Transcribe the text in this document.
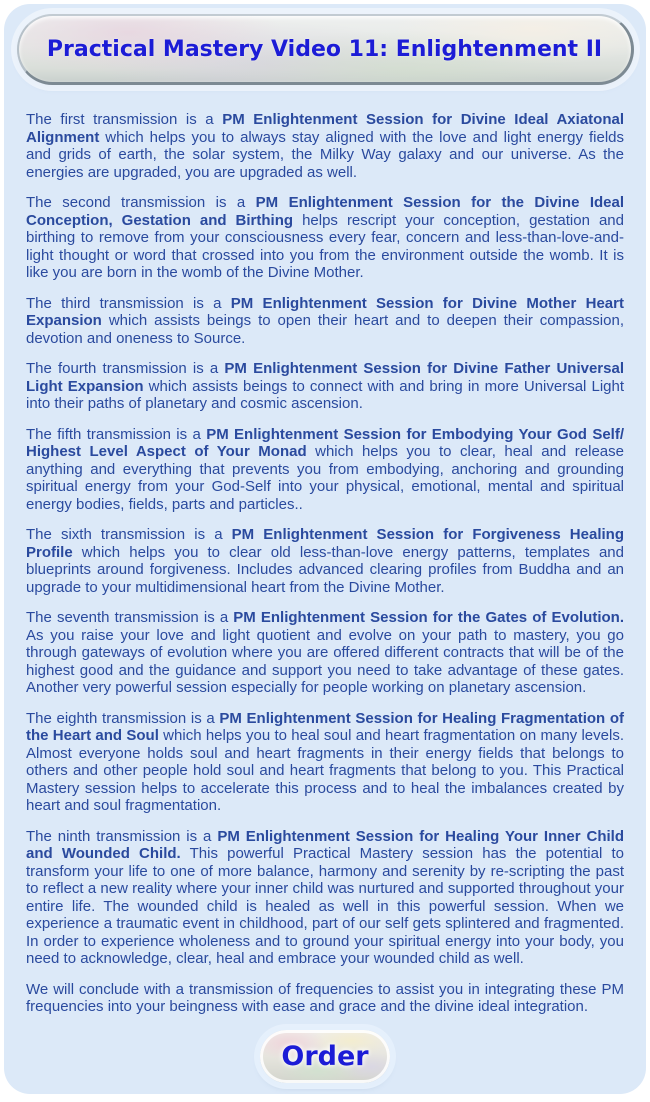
Practical Mastery Video 11: Enlightenment II

The first transmission is a PM Enlightenment Session for Divine Ideal Axiatonal Alignment which helps you to always stay aligned with the love and light energy fields and grids of earth, the solar system, the Milky Way galaxy and our universe. As the energies are upgraded, you are upgraded as well.

The second transmission is a PM Enlightenment Session for the Divine Ideal Conception, Gestation and Birthing helps rescript your conception, gestation and birthing to remove from your consciousness every fear, concern and less-than-love-and-light thought or word that crossed into you from the environment outside the womb. It is like you are born in the womb of the Divine Mother.

The third transmission is a PM Enlightenment Session for Divine Mother Heart Expansion which assists beings to open their heart and to deepen their compassion, devotion and oneness to Source.

The fourth transmission is a PM Enlightenment Session for Divine Father Universal Light Expansion which assists beings to connect with and bring in more Universal Light into their paths of planetary and cosmic ascension.

The fifth transmission is a PM Enlightenment Session for Embodying Your God Self/ Highest Level Aspect of Your Monad which helps you to clear, heal and release anything and everything that prevents you from embodying, anchoring and grounding spiritual energy from your God-Self into your physical, emotional, mental and spiritual energy bodies, fields, parts and particles..

The sixth transmission is a PM Enlightenment Session for Forgiveness Healing Profile which helps you to clear old less-than-love energy patterns, templates and blueprints around forgiveness. Includes advanced clearing profiles from Buddha and an upgrade to your multidimensional heart from the Divine Mother.

The seventh transmission is a PM Enlightenment Session for the Gates of Evolution. As you raise your love and light quotient and evolve on your path to mastery, you go through gateways of evolution where you are offered different contracts that will be of the highest good and the guidance and support you need to take advantage of these gates. Another very powerful session especially for people working on planetary ascension.

The eighth transmission is a PM Enlightenment Session for Healing Fragmentation of the Heart and Soul which helps you to heal soul and heart fragmentation on many levels. Almost everyone holds soul and heart fragments in their energy fields that belongs to others and other people hold soul and heart fragments that belong to you. This Practical Mastery session helps to accelerate this process and to heal the imbalances created by heart and soul fragmentation.

The ninth transmission is a PM Enlightenment Session for Healing Your Inner Child and Wounded Child. This powerful Practical Mastery session has the potential to transform your life to one of more balance, harmony and serenity by re-scripting the past to reflect a new reality where your inner child was nurtured and supported throughout your entire life. The wounded child is healed as well in this powerful session. When we experience a traumatic event in childhood, part of our self gets splintered and fragmented. In order to experience wholeness and to ground your spiritual energy into your body, you need to acknowledge, clear, heal and embrace your wounded child as well.

We will conclude with a transmission of frequencies to assist you in integrating these PM frequencies into your beingness with ease and grace and the divine ideal integration.

Order
